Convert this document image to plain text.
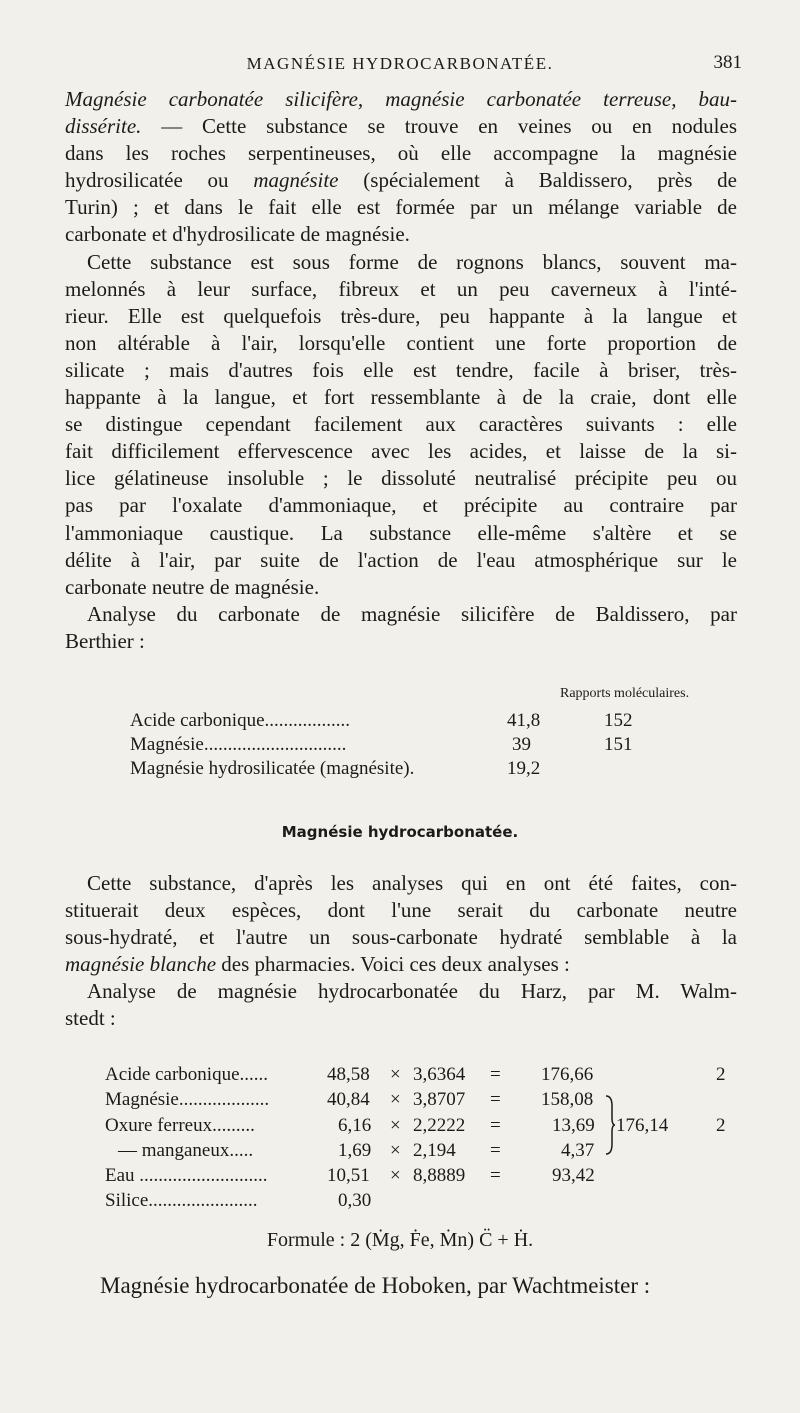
MAGNÉSIE HYDROCARBONATÉE.	381

Magnésie carbonatée silicifère, magnésie carbonatée terreuse, bau-

dissérite. — Cette substance se trouve en veines ou en nodules

dans les roches serpentineuses, où elle accompagne la magnésie

hydrosilicatée ou magnésite (spécialement à Baldissero, près de

Turin) ; et dans le fait elle est formée par un mélange variable de

carbonate et d'hydrosilicate de magnésie.

Cette substance est sous forme de rognons blancs, souvent ma-

melonnés à leur surface, fibreux et un peu caverneux à l'inté-

rieur. Elle est quelquefois très-dure, peu happante à la langue et

non altérable à l'air, lorsqu'elle contient une forte proportion de

silicate ; mais d'autres fois elle est tendre, facile à briser, très-

happante à la langue, et fort ressemblante à de la craie, dont elle

se distingue cependant facilement aux caractères suivants : elle

fait difficilement effervescence avec les acides, et laisse de la si-

lice gélatineuse insoluble ; le dissoluté neutralisé précipite peu ou

pas par l'oxalate d'ammoniaque, et précipite au contraire par

l'ammoniaque caustique. La substance elle-même s'altère et se

délite à l'air, par suite de l'action de l'eau atmosphérique sur le

carbonate neutre de magnésie.

Analyse du carbonate de magnésie silicifère de Baldissero, par

Berthier :

Rapports moléculaires.
Acide carbonique..................	41,8	152
Magnésie..............................	39	151
Magnésie hydrosilicatée (magnésite).	19,2
Magnésie hydrocarbonatée.

Cette substance, d'après les analyses qui en ont été faites, con-

stituerait deux espèces, dont l'une serait du carbonate neutre

sous-hydraté, et l'autre un sous-carbonate hydraté semblable à la

magnésie blanche des pharmacies. Voici ces deux analyses :

Analyse de magnésie hydrocarbonatée du Harz, par M. Walm-

stedt :

Acide carbonique......	48,58 × 3,6364 = 176,66	2
Magnésie...................	40,84 × 3,8707 = 158,08
Oxure ferreux.........	6,16 × 2,2222 =	13,69 176,14	2
— manganeux.....	1,69 × 2,194 =	4,37
Eau ...........................	10,51 × 8,8889 =	93,42
Silice.......................	0,30
Formule : 2 (Ṁg, Ḟe, Ṁn) C̈ + Ḣ.
Magnésie hydrocarbonatée de Hoboken, par Wachtmeister :
